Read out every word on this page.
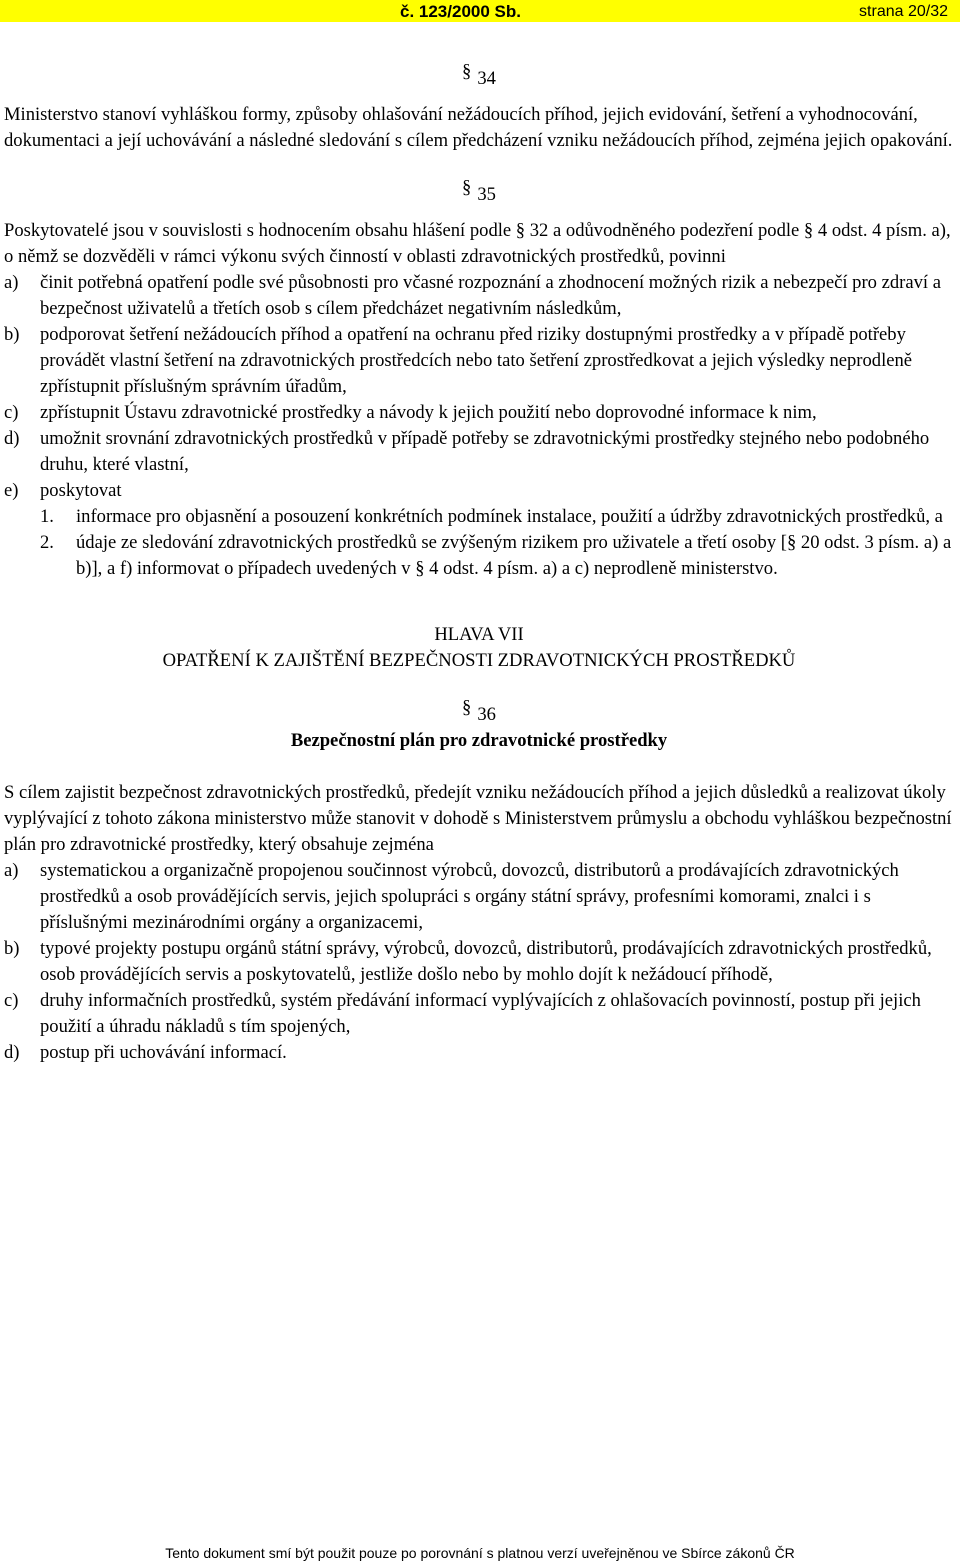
č. 123/2000 Sb.	strana 20/32
§ 34

Ministerstvo stanoví vyhláškou formy, způsoby ohlašování nežádoucích příhod, jejich evidování, šetření a vyhodnocování, dokumentaci a její uchovávání a následné sledování s cílem předcházení vzniku nežádoucích příhod, zejména jejich opakování.

§ 35

Poskytovatelé jsou v souvislosti s hodnocením obsahu hlášení podle § 32 a odůvodněného podezření podle § 4 odst. 4 písm. a), o němž se dozvěděli v rámci výkonu svých činností v oblasti zdravotnických prostředků, povinni

a)	činit potřebná opatření podle své působnosti pro včasné rozpoznání a zhodnocení možných rizik a nebezpečí pro zdraví a bezpečnost uživatelů a třetích osob s cílem předcházet negativním následkům,
b)	podporovat šetření nežádoucích příhod a opatření na ochranu před riziky dostupnými prostředky a v případě potřeby provádět vlastní šetření na zdravotnických prostředcích nebo tato šetření zprostředkovat a jejich výsledky neprodleně zpřístupnit příslušným správním úřadům,
c)	zpřístupnit Ústavu zdravotnické prostředky a návody k jejich použití nebo doprovodné informace k nim,
d)	umožnit srovnání zdravotnických prostředků v případě potřeby se zdravotnickými prostředky stejného nebo podobného druhu, které vlastní,
e)	poskytovat
1.	informace pro objasnění a posouzení konkrétních podmínek instalace, použití a údržby zdravotnických prostředků, a
2.	údaje ze sledování zdravotnických prostředků se zvýšeným rizikem pro uživatele a třetí osoby [§ 20 odst. 3 písm. a) a b)], a f) informovat o případech uvedených v § 4 odst. 4 písm. a) a c) neprodleně ministerstvo.
HLAVA VII
OPATŘENÍ K ZAJIŠTĚNÍ BEZPEČNOSTI ZDRAVOTNICKÝCH PROSTŘEDKŮ
§ 36
Bezpečnostní plán pro zdravotnické prostředky

S cílem zajistit bezpečnost zdravotnických prostředků, předejít vzniku nežádoucích příhod a jejich důsledků a realizovat úkoly vyplývající z tohoto zákona ministerstvo může stanovit v dohodě s Ministerstvem průmyslu a obchodu vyhláškou bezpečnostní plán pro zdravotnické prostředky, který obsahuje zejména

a)	systematickou a organizačně propojenou součinnost výrobců, dovozců, distributorů a prodávajících zdravotnických prostředků a osob provádějících servis, jejich spolupráci s orgány státní správy, profesními komorami, znalci i s příslušnými mezinárodními orgány a organizacemi,
b)	typové projekty postupu orgánů státní správy, výrobců, dovozců, distributorů, prodávajících zdravotnických prostředků, osob provádějících servis a poskytovatelů, jestliže došlo nebo by mohlo dojít k nežádoucí příhodě,
c)	druhy informačních prostředků, systém předávání informací vyplývajících z ohlašovacích povinností, postup při jejich použití a úhradu nákladů s tím spojených,
d)	postup při uchovávání informací.
Tento dokument smí být použit pouze po porovnání s platnou verzí uveřejněnou ve Sbírce zákonů ČR
